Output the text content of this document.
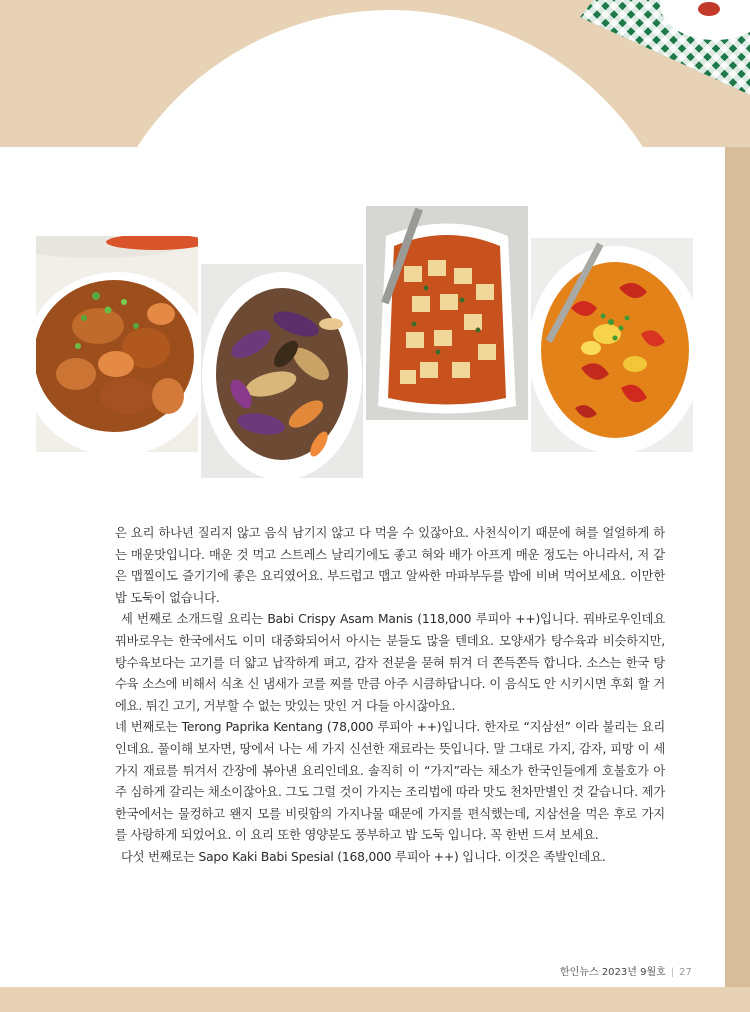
은 요리 하나년 질리지 않고 음식 남기지 않고 다 먹을 수 있잖아요. 사천식이기 때문에 혀를 얼얼하게 하는 매운맛입니다. 매운 것 먹고 스트레스 날리기에도 좋고 혀와 배가 아프게 매운 정도는 아니라서, 저 같은 맵찔이도 즐기기에 좋은 요리였어요. 부드럽고 맵고 알싸한 마파부두를 밥에 비벼 먹어보세요. 이만한 밥 도둑이 없습니다.

세 번째로 소개드릴 요리는 Babi Crispy Asam Manis (118,000 루피아 ++)입니다. 꿔바로우인데요 꿔바로우는 한국에서도 이미 대중화되어서 아시는 분들도 많을 텐데요. 모양새가 탕수육과 비슷하지만, 탕수육보다는 고기를 더 얇고 납작하게 펴고, 감자 전분을 묻혀 튀겨 더 쫀득쫀득 합니다. 소스는 한국 탕수육 소스에 비해서 식초 신 냄새가 코를 찌를 만큼 아주 시큼하답니다. 이 음식도 안 시키시면 후회 할 거에요. 튀긴 고기, 거부할 수 없는 맛있는 맛인 거 다들 아시잖아요.

네 번째로는 Terong Paprika Kentang (78,000 루피아 ++)입니다. 한자로 “지삼선” 이라 불리는 요리인데요. 풀이해 보자면, 땅에서 나는 세 가지 신선한 재료라는 뜻입니다. 말 그대로 가지, 감자, 피망 이 세 가지 재료를 튀겨서 간장에 볶아낸 요리인데요. 솔직히 이 “가지”라는 채소가 한국인들에게 호불호가 아주 심하게 갈리는 채소이잖아요. 그도 그럴 것이 가지는 조리법에 따라 맛도 천차만별인 것 같습니다. 제가 한국에서는 물컹하고 왠지 모를 비릿함의 가지나물 때문에 가지를 편식했는데, 지삼선을 먹은 후로 가지를 사랑하게 되었어요. 이 요리 또한 영양분도 풍부하고 밥 도둑 입니다. 꼭 한번 드셔 보세요.

다섯 번째로는 Sapo Kaki Babi Spesial (168,000 루피아 ++) 입니다. 이것은 족발인데요.

한인뉴스 2023년 9월호 | 27
